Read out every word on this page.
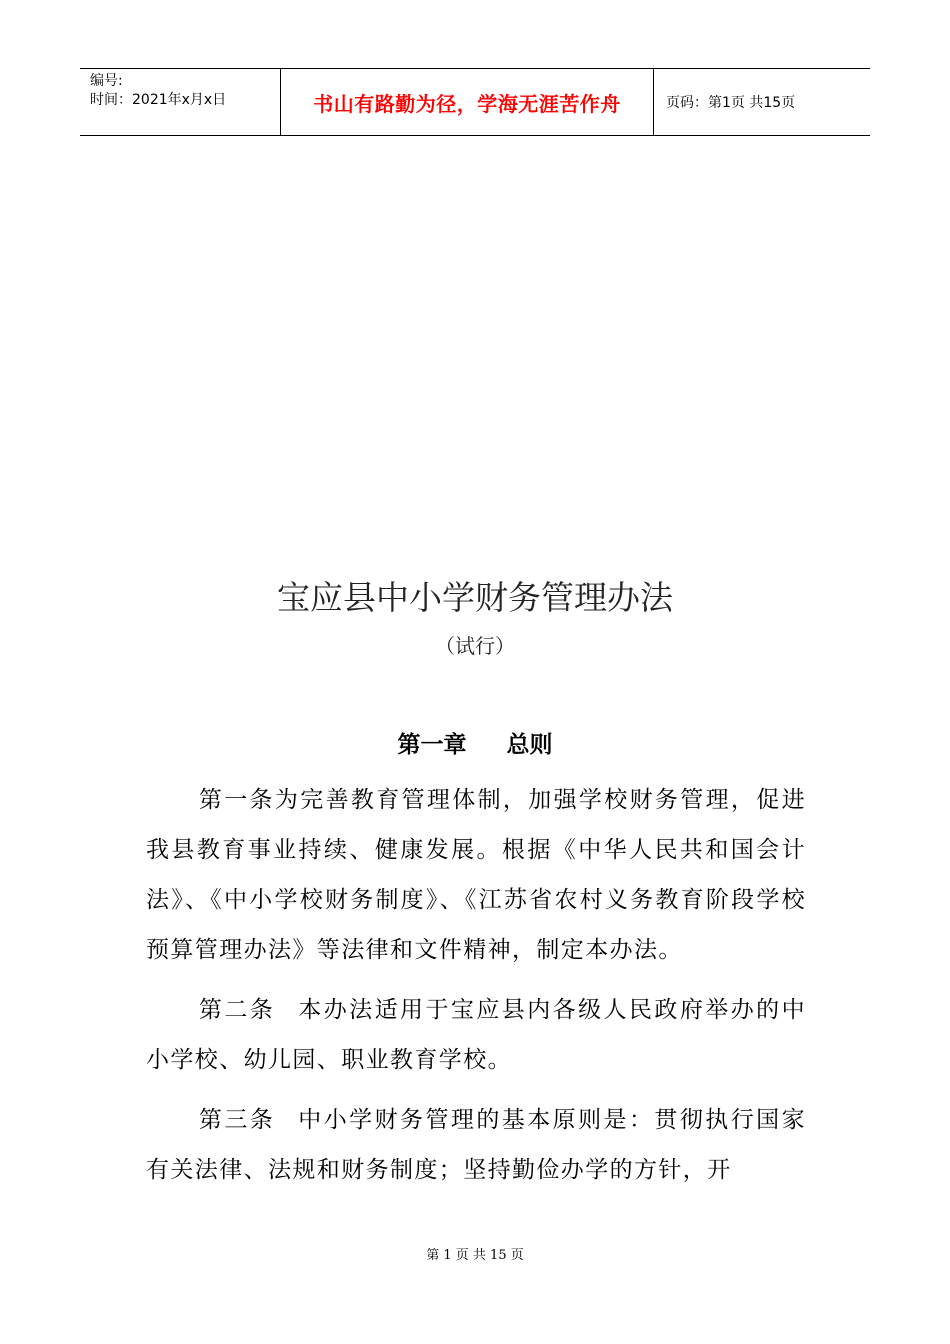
编号:
时间：2021年x月x日	书山有路勤为径，学海无涯苦作舟	页码：第1页 共15页
宝应县中小学财务管理办法
（试行）
第一章 总则

第一条为完善教育管理体制，加强学校财务管理，促进我县教育事业持续、健康发展。根据《中华人民共和国会计法》、《中小学校财务制度》、《江苏省农村义务教育阶段学校预算管理办法》等法律和文件精神，制定本办法。

第二条 本办法适用于宝应县内各级人民政府举办的中小学校、幼儿园、职业教育学校。

第三条 中小学财务管理的基本原则是：贯彻执行国家有关法律、法规和财务制度；坚持勤俭办学的方针，开

第 1 页 共 15 页
